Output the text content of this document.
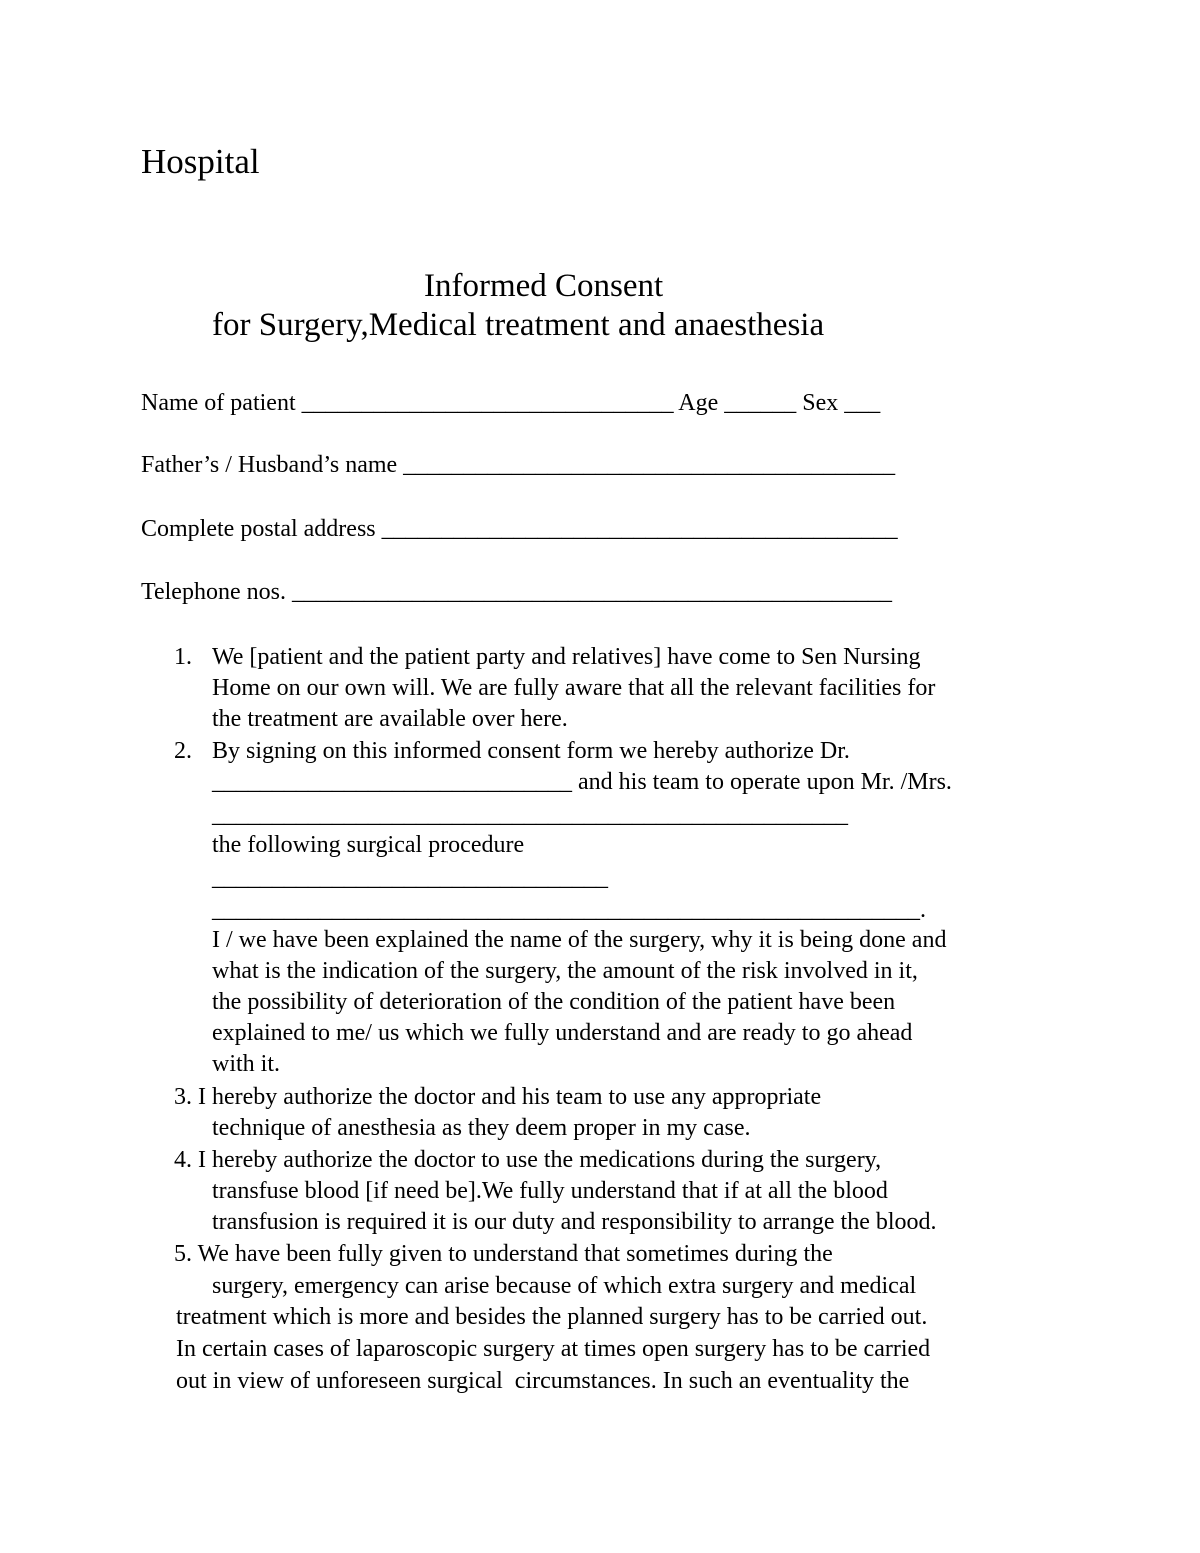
Hospital
Informed Consent
for Surgery,Medical treatment and anaesthesia
Name of patient _______________________________ Age ______ Sex ___
Father’s / Husband’s name _________________________________________
Complete postal address ___________________________________________
Telephone nos. __________________________________________________
1. We [patient and the patient party and relatives] have come to Sen Nursing
Home on our own will. We are fully aware that all the relevant facilities for
the treatment are available over here.
2. By signing on this informed consent form we hereby authorize Dr.
______________________________ and his team to operate upon Mr. /Mrs.
_____________________________________________________
the following surgical procedure
_________________________________
___________________________________________________________.
I / we have been explained the name of the surgery, why it is being done and
what is the indication of the surgery, the amount of the risk involved in it,
the possibility of deterioration of the condition of the patient have been
explained to me/ us which we fully understand and are ready to go ahead
with it.
3. I hereby authorize the doctor and his team to use any appropriate
technique of anesthesia as they deem proper in my case.
4. I hereby authorize the doctor to use the medications during the surgery,
transfuse blood [if need be].We fully understand that if at all the blood
transfusion is required it is our duty and responsibility to arrange the blood.
5. We have been fully given to understand that sometimes during the
surgery, emergency can arise because of which extra surgery and medical
treatment which is more and besides the planned surgery has to be carried out.
In certain cases of laparoscopic surgery at times open surgery has to be carried
out in view of unforeseen surgical  circumstances. In such an eventuality the
